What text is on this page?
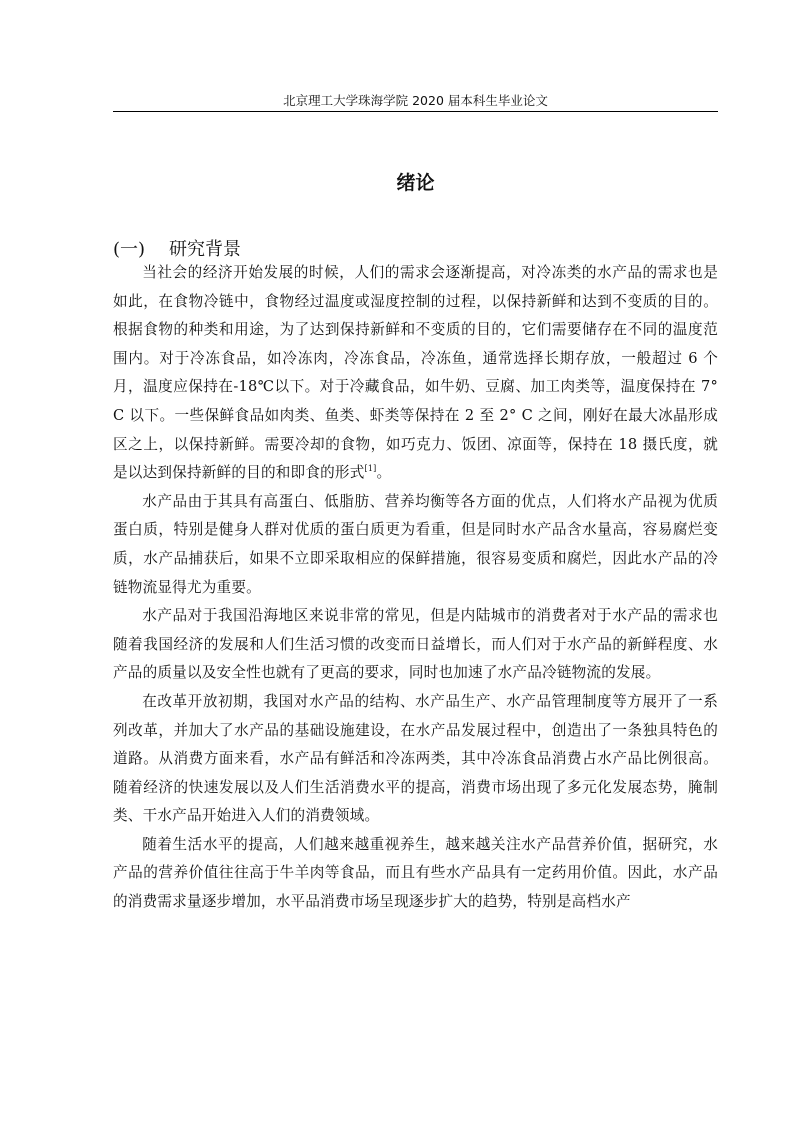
北京理工大学珠海学院 2020 届本科生毕业论文
绪论
(一) 研究背景

当社会的经济开始发展的时候，人们的需求会逐渐提高，对冷冻类的水产品的需求也是如此，在食物冷链中，食物经过温度或湿度控制的过程，以保持新鲜和达到不变质的目的。根据食物的种类和用途，为了达到保持新鲜和不变质的目的，它们需要储存在不同的温度范围内。对于冷冻食品，如冷冻肉，冷冻食品，冷冻鱼，通常选择长期存放，一般超过 6 个月，温度应保持在-18℃以下。对于冷藏食品，如牛奶、豆腐、加工肉类等，温度保持在 7° C 以下。一些保鲜食品如肉类、鱼类、虾类等保持在 2 至 2° C 之间，刚好在最大冰晶形成区之上，以保持新鲜。需要冷却的食物，如巧克力、饭团、凉面等，保持在 18 摄氏度，就是以达到保持新鲜的目的和即食的形式[1]。

水产品由于其具有高蛋白、低脂肪、营养均衡等各方面的优点，人们将水产品视为优质蛋白质，特别是健身人群对优质的蛋白质更为看重，但是同时水产品含水量高，容易腐烂变质，水产品捕获后，如果不立即采取相应的保鲜措施，很容易变质和腐烂，因此水产品的冷链物流显得尤为重要。

水产品对于我国沿海地区来说非常的常见，但是内陆城市的消费者对于水产品的需求也随着我国经济的发展和人们生活习惯的改变而日益增长，而人们对于水产品的新鲜程度、水产品的质量以及安全性也就有了更高的要求，同时也加速了水产品冷链物流的发展。

在改革开放初期，我国对水产品的结构、水产品生产、水产品管理制度等方展开了一系列改革，并加大了水产品的基础设施建设，在水产品发展过程中，创造出了一条独具特色的道路。从消费方面来看，水产品有鲜活和冷冻两类，其中冷冻食品消费占水产品比例很高。随着经济的快速发展以及人们生活消费水平的提高，消费市场出现了多元化发展态势，腌制类、干水产品开始进入人们的消费领域。

随着生活水平的提高，人们越来越重视养生，越来越关注水产品营养价值，据研究，水产品的营养价值往往高于牛羊肉等食品，而且有些水产品具有一定药用价值。因此，水产品的消费需求量逐步增加，水平品消费市场呈现逐步扩大的趋势，特别是高档水产
